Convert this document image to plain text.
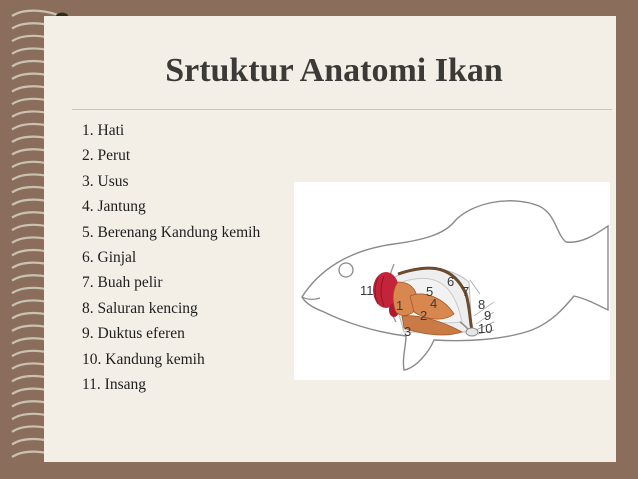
Srtuktur Anatomi Ikan
1. Hati
2. Perut
3. Usus
4. Jantung
5. Berenang Kandung kemih
6. Ginjal
7. Buah pelir
8. Saluran kencing
9. Duktus eferen
10. Kandung kemih
11. Insang
1
2
3
4
5
6
7
8
9
10
11
